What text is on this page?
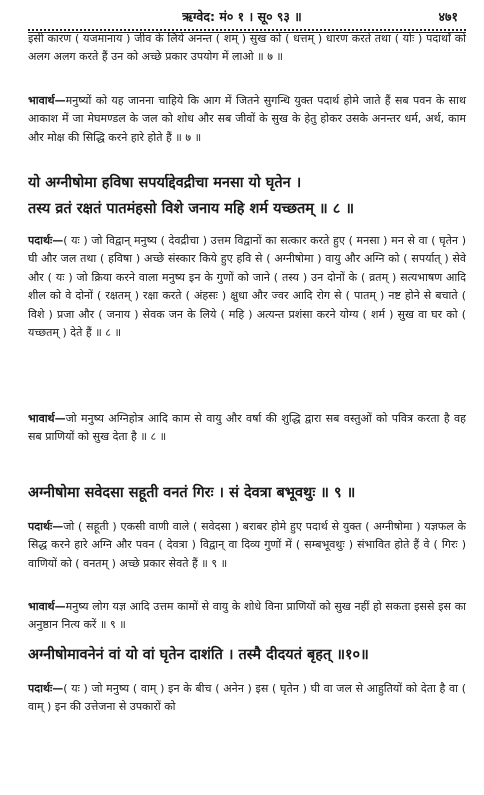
ऋग्वेद: मं० १ । सू० ९३ ॥	४७१

इसी कारण ( यजमानाय ) जीव के लिये अनन्त ( शम् ) सुख को ( धत्तम् ) धारण करते तथा ( योः ) पदार्थों को अलग अलग करते हैं उन को अच्छे प्रकार उपयोग में लाओ ॥ ७ ॥

भावार्थ—मनुष्यों को यह जानना चाहिये कि आग में जितने सुगन्धि युक्त पदार्थ होमे जाते हैं सब पवन के साथ आकाश में जा मेघमण्डल के जल को शोध और सब जीवों के सुख के हेतु होकर उसके अनन्तर धर्म, अर्थ, काम और मोक्ष की सिद्धि करने हारे होते हैं ॥ ७ ॥

यो अग्नीषोमा हविषा सपर्याद्देवद्रीचा मनसा यो घृतेन ।
तस्य व्रतं रक्षतं पातमंहसो विशे जनाय महि शर्म यच्छतम् ॥ ८ ॥

पदार्थः—( यः ) जो विद्वान् मनुष्य ( देवद्रीचा ) उत्तम विद्वानों का सत्कार करते हुए ( मनसा ) मन से वा ( घृतेन ) घी और जल तथा ( हविषा ) अच्छे संस्कार किये हुए हवि से ( अग्नीषोमा ) वायु और अग्नि को ( सपर्यात् ) सेवे और ( यः ) जो क्रिया करने वाला मनुष्य इन के गुणों को जाने ( तस्य ) उन दोनों के ( व्रतम् ) सत्यभाषण आदि शील को वे दोनों ( रक्षतम् ) रक्षा करते ( अंहसः ) क्षुधा और ज्वर आदि रोग से ( पातम् ) नष्ट होने से बचाते ( विशे ) प्रजा और ( जनाय ) सेवक जन के लिये ( महि ) अत्यन्त प्रशंसा करने योग्य ( शर्म ) सुख वा घर को ( यच्छतम् ) देते हैं ॥ ८ ॥

भावार्थ—जो मनुष्य अग्निहोत्र आदि काम से वायु और वर्षा की शुद्धि द्वारा सब वस्तुओं को पवित्र करता है वह सब प्राणियों को सुख देता है ॥ ८ ॥

अग्नीषोमा सवेदसा सहूती वनतं गिरः । सं देवत्रा बभूवथुः ॥ ९ ॥

पदार्थः—जो ( सहूती ) एकसी वाणी वाले ( सवेदसा ) बराबर होमे हुए पदार्थ से युक्त ( अग्नीषोमा ) यज्ञफल के सिद्ध करने हारे अग्नि और पवन ( देवत्रा ) विद्वान् वा दिव्य गुणों में ( सम्बभूवथुः ) संभावित होते हैं वे ( गिरः ) वाणियों को ( वनतम् ) अच्छे प्रकार सेवते हैं ॥ ९ ॥

भावार्थ—मनुष्य लोग यज्ञ आदि उत्तम कामों से वायु के शोधे विना प्राणियों को सुख नहीं हो सकता इससे इस का अनुष्ठान नित्य करें ॥ ९ ॥

अग्नीषोमावनेनं वां यो वां घृतेन दाशंति । तस्मै दीदयतं बृहत् ॥१०॥

पदार्थः—( यः ) जो मनुष्य ( वाम् ) इन के बीच ( अनेन ) इस ( घृतेन ) घी वा जल से आहुतियों को देता है वा ( वाम् ) इन की उत्तेजना से उपकारों को
